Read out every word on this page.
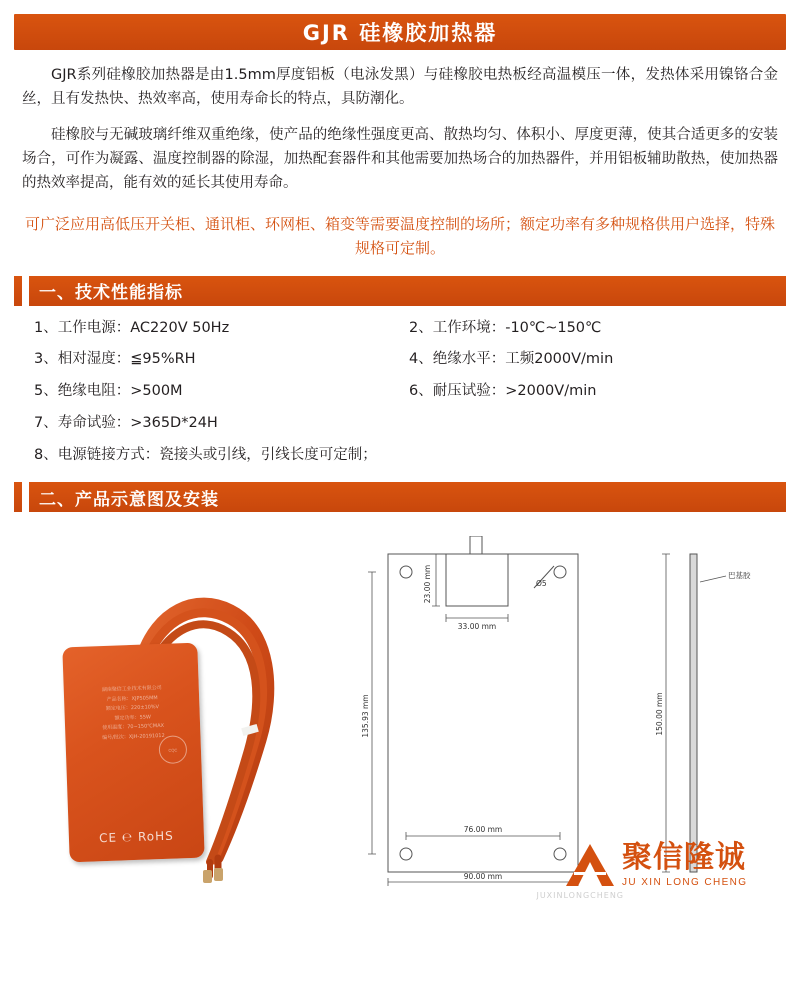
GJR 硅橡胶加热器

GJR系列硅橡胶加热器是由1.5mm厚度铝板（电泳发黑）与硅橡胶电热板经高温模压一体，发热体采用镍铬合金丝，且有发热快、热效率高，使用寿命长的特点，具防潮化。

硅橡胶与无碱玻璃纤维双重绝缘，使产品的绝缘性强度更高、散热均匀、体积小、厚度更薄，使其合适更多的安装场合，可作为凝露、温度控制器的除湿，加热配套器件和其他需要加热场合的加热器件，并用铝板辅助散热，使加热器的热效率提高，能有效的延长其使用寿命。

可广泛应用高低压开关柜、通讯柜、环网柜、箱变等需要温度控制的场所；额定功率有多种规格供用户选择，特殊规格可定制。

一、技术性能指标
1、工作电源：AC220V 50Hz	2、工作环境：-10℃~150℃
3、相对湿度：≦95%RH	4、绝缘水平：工频2000V/min
5、绝缘电阻：>500M	6、耐压试验：>2000V/min
7、寿命试验：>365D*24H
8、电源链接方式：瓷接头或引线，引线长度可定制；
二、产品示意图及安装
湖南聚信工业技术有限公司
产品名称：XJP505MM
额定电压：220±10%V
额定功率：55W
使用温度：70~150℃MAX
编号/批次：XJH-20191012
CQC
CE ℮ RoHS
23.00 mm
33.00 mm
135.93 mm
76.00 mm
90.00 mm
Ø5
150.00 mm
巴基胶
JUXINLONGCHENG
聚信隆诚
JU XIN LONG CHENG
